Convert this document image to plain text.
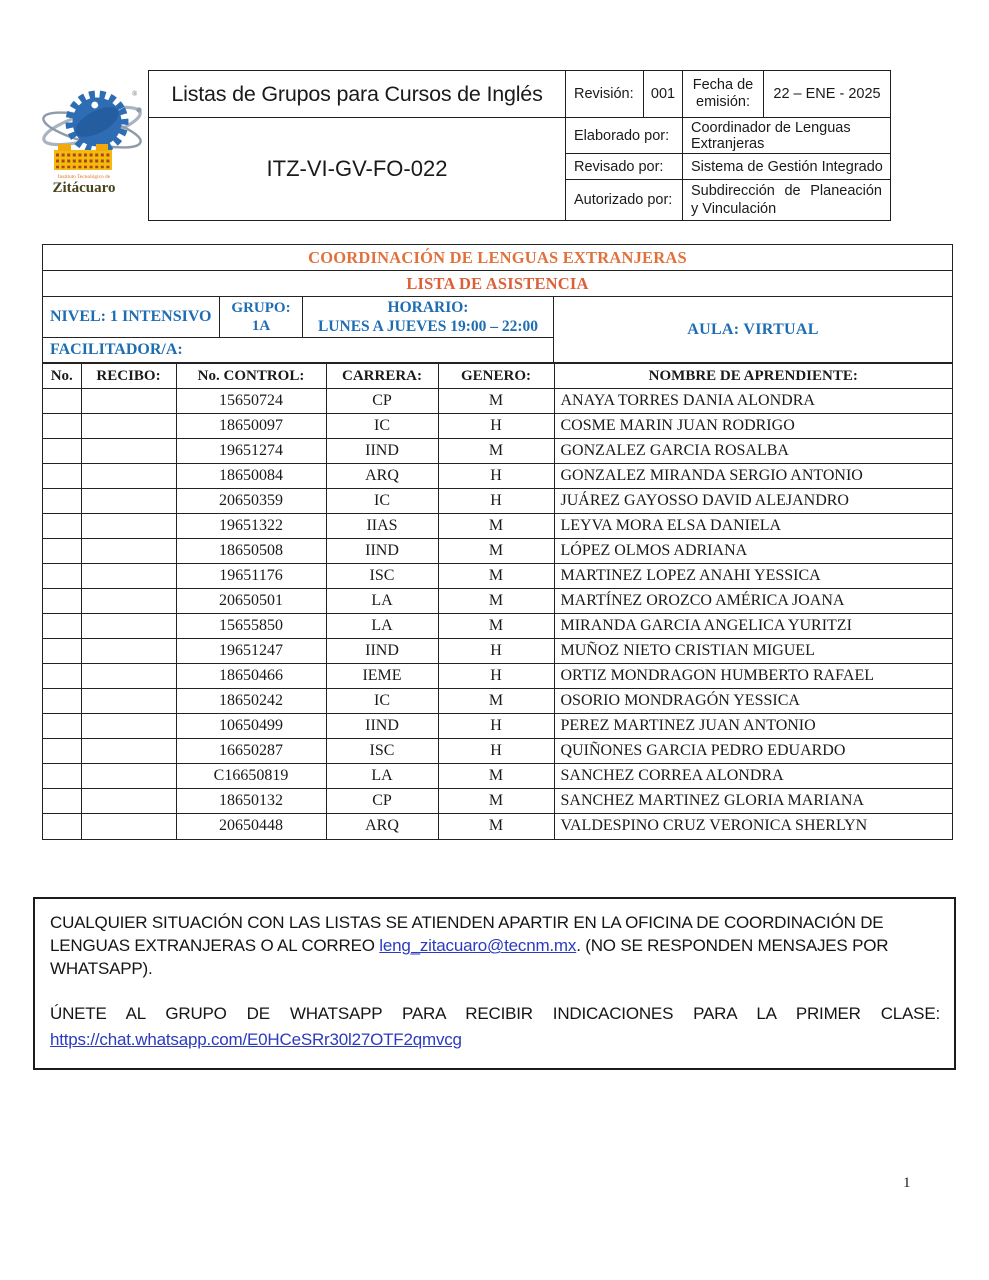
Instituto Tecnológico de
Zitácuaro
® Listas de Grupos para Cursos de Inglés	Revisión:	001	Fecha de emisión:	22 – ENE - 2025
ITZ-VI-GV-FO-022	Elaborado por:		Coordinador de Lenguas Extranjeras	
	Revisado por:		Sistema de Gestión Integrado	
	Autorizado por:		Subdirección de Planeación y Vinculación	
COORDINACIÓN DE LENGUAS EXTRANJERAS
LISTA DE ASISTENCIA
NIVEL: 1 INTENSIVO	GRUPO:
1A
HORARIO:
LUNES A JUEVES 19:00 – 22:00
FACILITADOR/A:
AULA: VIRTUAL
No.	RECIBO:	No. CONTROL:	CARRERA:	GENERO:	NOMBRE DE APRENDIENTE:
		15650724	CP	M	ANAYA TORRES DANIA ALONDRA
		18650097	IC	H	COSME MARIN JUAN RODRIGO
		19651274	IIND	M	GONZALEZ GARCIA ROSALBA
		18650084	ARQ	H	GONZALEZ MIRANDA SERGIO ANTONIO
		20650359	IC	H	JUÁREZ GAYOSSO DAVID ALEJANDRO
		19651322	IIAS	M	LEYVA MORA ELSA DANIELA
		18650508	IIND	M	LÓPEZ OLMOS ADRIANA
		19651176	ISC	M	MARTINEZ LOPEZ ANAHI YESSICA
		20650501	LA	M	MARTÍNEZ OROZCO AMÉRICA JOANA
		15655850	LA	M	MIRANDA GARCIA ANGELICA YURITZI
		19651247	IIND	H	MUÑOZ NIETO CRISTIAN MIGUEL
		18650466	IEME	H	ORTIZ MONDRAGON HUMBERTO RAFAEL
		18650242	IC	M	OSORIO MONDRAGÓN YESSICA
		10650499	IIND	H	PEREZ MARTINEZ JUAN ANTONIO
		16650287	ISC	H	QUIÑONES GARCIA PEDRO EDUARDO
		C16650819	LA	M	SANCHEZ CORREA ALONDRA
		18650132	CP	M	SANCHEZ MARTINEZ GLORIA MARIANA
		20650448	ARQ	M	VALDESPINO CRUZ VERONICA SHERLYN

CUALQUIER SITUACIÓN CON LAS LISTAS SE ATIENDEN APARTIR EN LA OFICINA DE COORDINACIÓN DE LENGUAS EXTRANJERAS O AL CORREO leng_zitacuaro@tecnm.mx. (NO SE RESPONDEN MENSAJES POR WHATSAPP).

ÚNETE AL GRUPO DE WHATSAPP PARA RECIBIR INDICACIONES PARA LA PRIMER CLASE:

https://chat.whatsapp.com/E0HCeSRr30l27OTF2qmvcg
1
